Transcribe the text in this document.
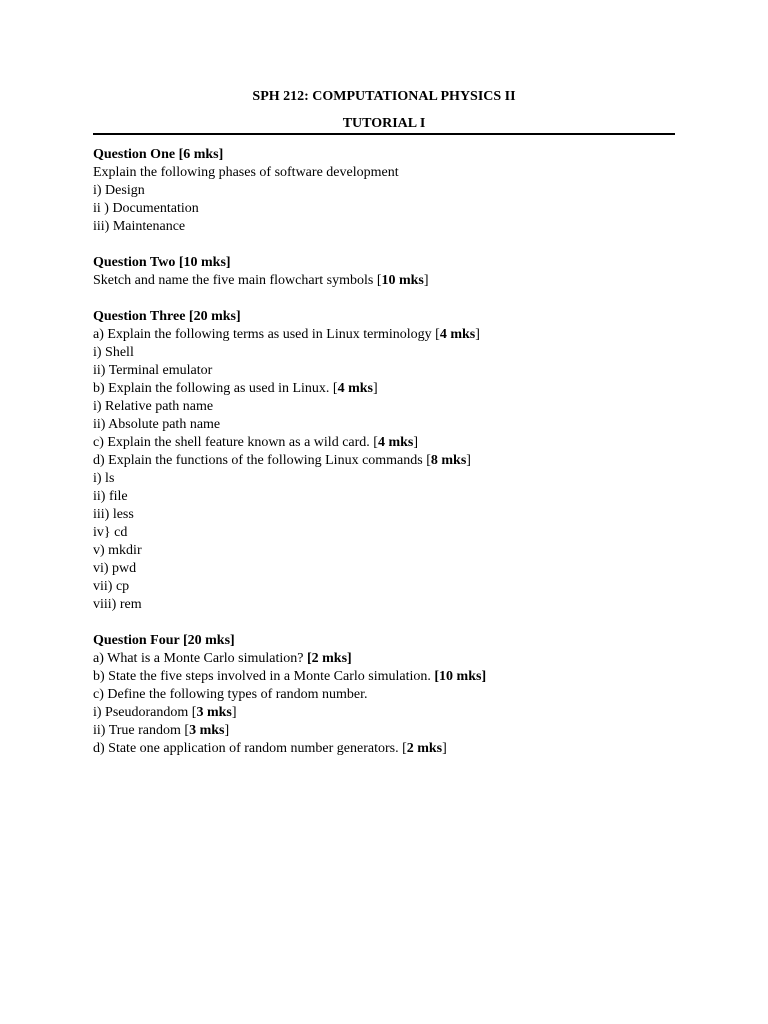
SPH 212: COMPUTATIONAL PHYSICS II
TUTORIAL I
Question One [6 mks]
Explain the following phases of software development
i) Design
ii ) Documentation
iii) Maintenance
Question Two [10 mks]
Sketch and name the five main flowchart symbols [10 mks]
Question Three [20 mks]
a) Explain the following terms as used in Linux terminology [4 mks]
i) Shell
ii) Terminal emulator
b) Explain the following as used in Linux. [4 mks]
i) Relative path name
ii) Absolute path name
c) Explain the shell feature known as a wild card. [4 mks]
d) Explain the functions of the following Linux commands [8 mks]
i) ls
ii) file
iii) less
iv} cd
v) mkdir
vi) pwd
vii) cp
viii) rem
Question Four [20 mks]
a) What is a Monte Carlo simulation? [2 mks]
b) State the five steps involved in a Monte Carlo simulation. [10 mks]
c) Define the following types of random number.
i) Pseudorandom [3 mks]
ii) True random [3 mks]
d) State one application of random number generators. [2 mks]
